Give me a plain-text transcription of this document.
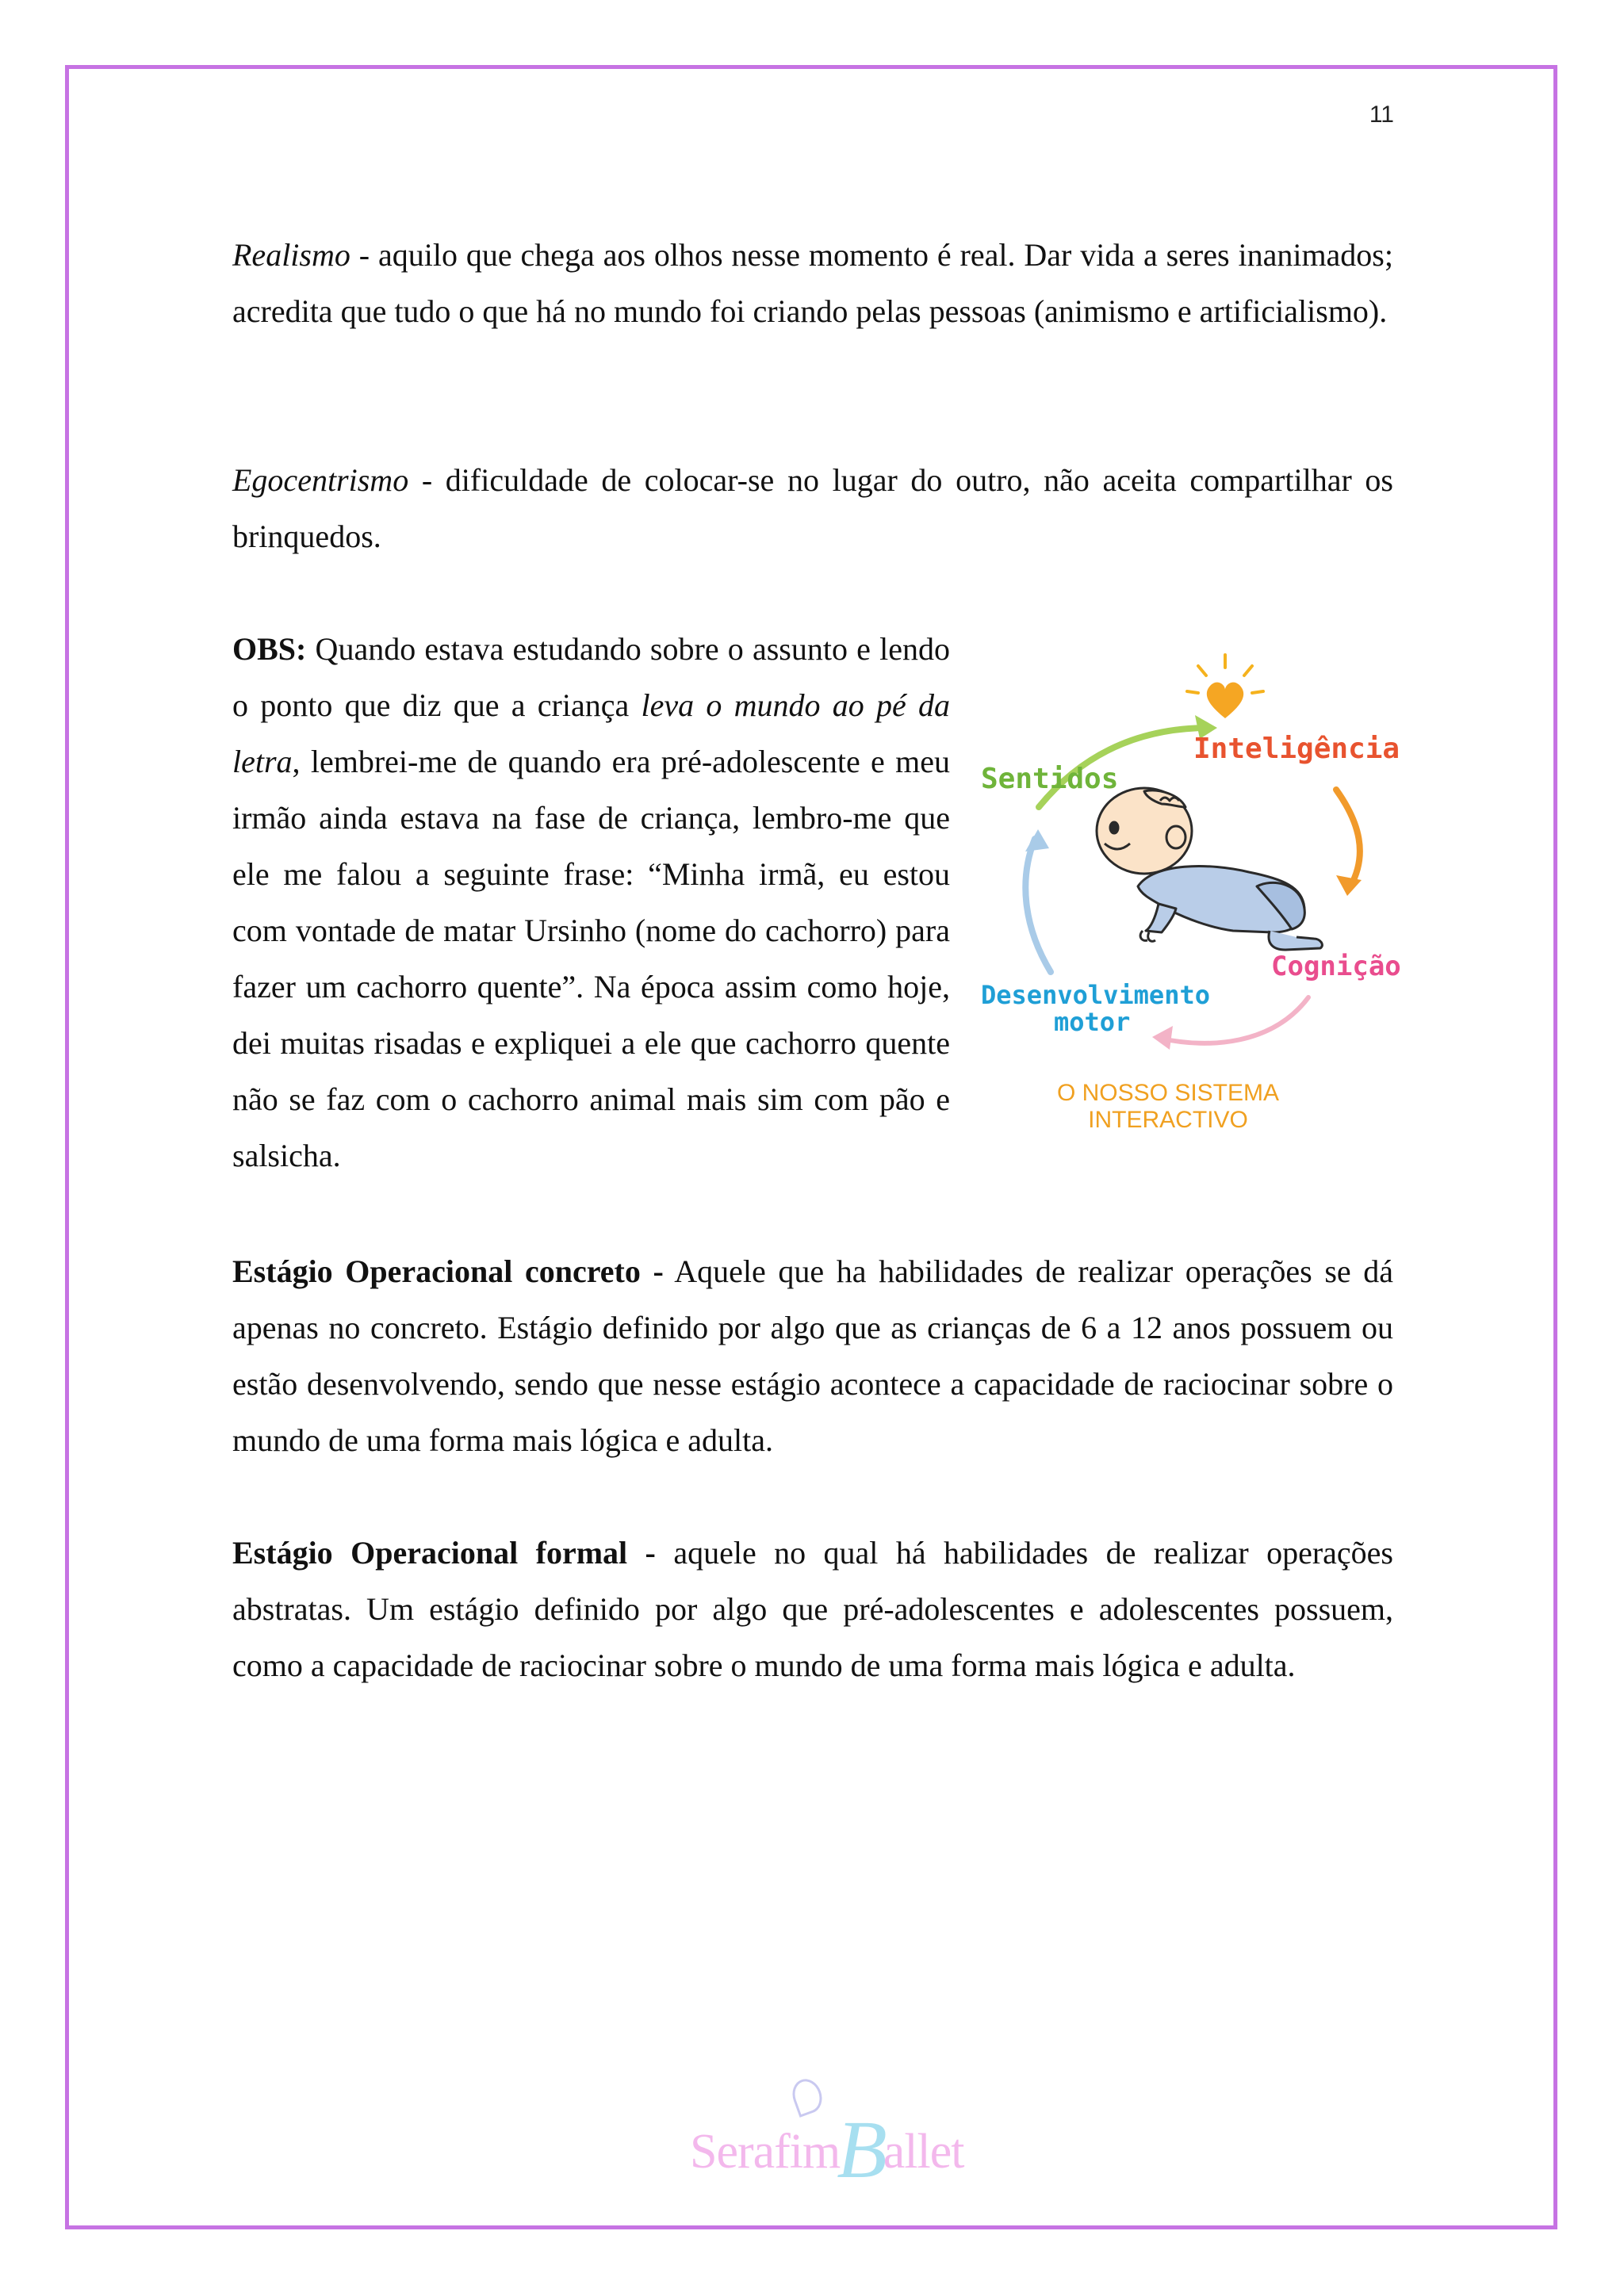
11

Realismo - aquilo que chega aos olhos nesse momento é real. Dar vida a seres inanimados; acredita que tudo o que há no mundo foi criando pelas pessoas (animismo e artificialismo).

Egocentrismo - dificuldade de colocar-se no lugar do outro, não aceita compartilhar os brinquedos.

OBS: Quando estava estudando sobre o assunto e lendo o ponto que diz que a criança leva o mundo ao pé da letra, lembrei-me de quando era pré-adolescente e meu irmão ainda estava na fase de criança, lembro-me que ele me falou a seguinte frase: “Minha irmã, eu estou com vontade de matar Ursinho (nome do cachorro) para fazer um cachorro quente”. Na época assim como hoje, dei muitas risadas e expliquei a ele que cachorro quente não se faz com o cachorro animal mais sim com pão e salsicha.

Inteligência
Sentidos
Cognição
Desenvolvimento
motor
O NOSSO SISTEMA
INTERACTIVO

Estágio Operacional concreto - Aquele que ha habilidades de realizar operações se dá apenas no concreto. Estágio definido por algo que as crianças de 6 a 12 anos possuem ou estão desenvolvendo, sendo que nesse estágio acontece a capacidade de raciocinar sobre o mundo de uma forma mais lógica e adulta.

Estágio Operacional formal - aquele no qual há habilidades de realizar operações abstratas. Um estágio definido por algo que pré-adolescentes e adolescentes possuem, como a capacidade de raciocinar sobre o mundo de uma forma mais lógica e adulta.

SerafimBallet
